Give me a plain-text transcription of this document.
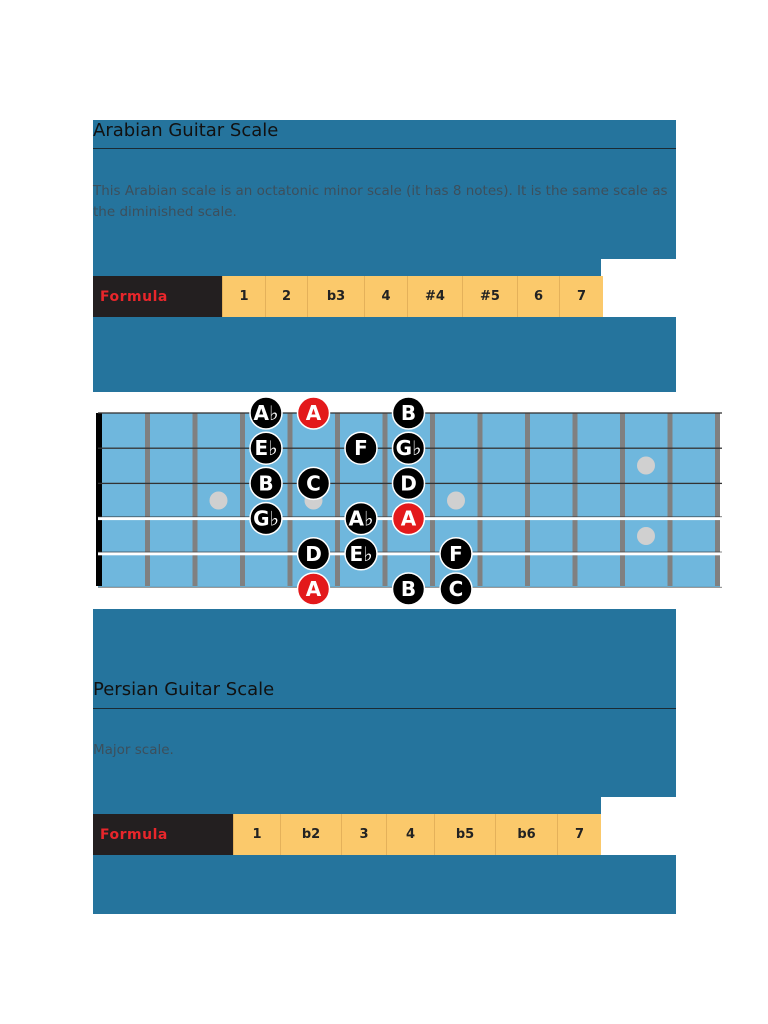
Arabian Guitar Scale
This Arabian scale is an octatonic minor scale (it has 8 notes). It is the same scale as the diminished scale.
Formula	1	2	b3	4	#4	#5	6	7
A♭ A	B
E♭	F G♭
B C	D
G♭	A♭ A
D E♭	F
A	B C
Persian Guitar Scale
Major scale.
Formula	1	b2	3	4	b5	b6	7
